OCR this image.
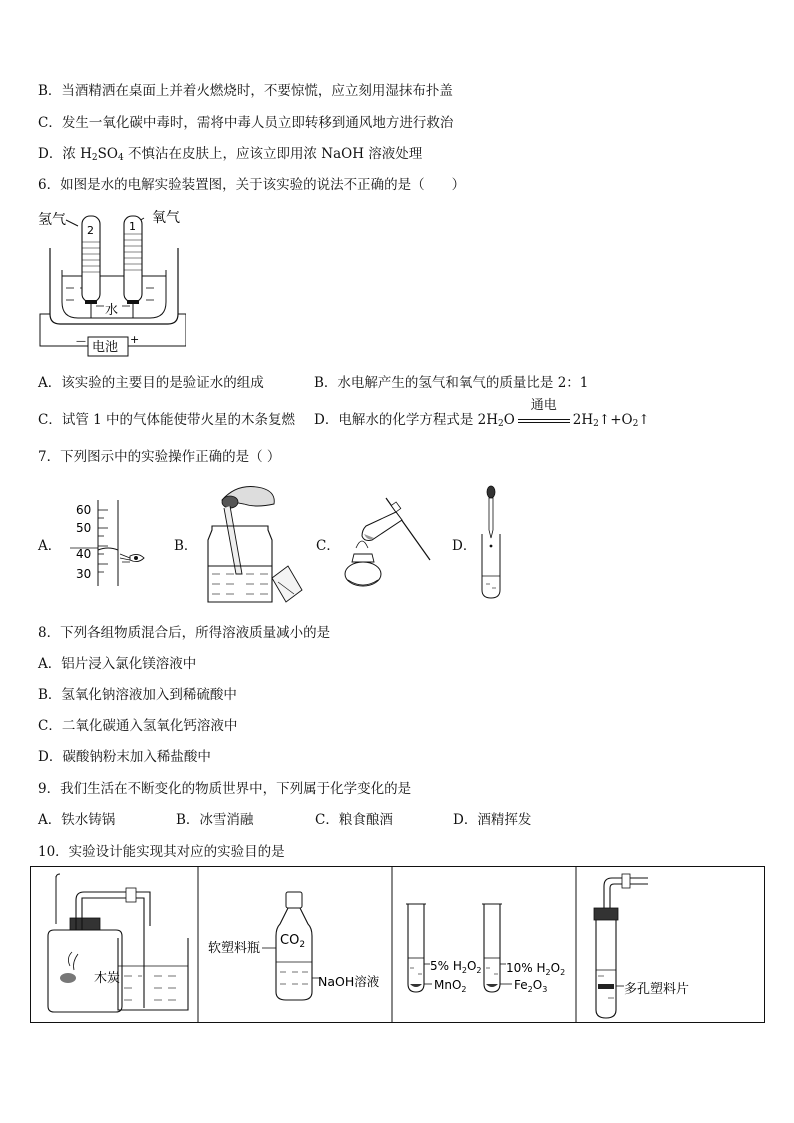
B．当酒精洒在桌面上并着火燃烧时，不要惊慌，应立刻用湿抹布扑盖
C．发生一氧化碳中毒时，需将中毒人员立即转移到通风地方进行救治
D．浓 $H_2SO_4$ 不慎沾在皮肤上，应该立即用浓 NaOH 溶液处理
6．如图是水的电解实验装置图，关于该实验的说法不正确的是（　　）
氢气	氧气
2	1
水
电池
—	+
A．该实验的主要目的是验证水的组成	B．水电解产生的氢气和氧气的质量比是 2：1
C．试管 1 中的气体能使带火星的木条复燃 D．电解水的化学方程式是 $2H_2O$
通电
$2H_2↑+O_2↑$
7．下列图示中的实验操作正确的是（ ）
A．
60
50
40
30
B．	C．	D．
8．下列各组物质混合后，所得溶液质量减小的是
A．铝片浸入氯化镁溶液中
B．氢氧化钠溶液加入到稀硫酸中
C．二氧化碳通入氢氧化钙溶液中
D．碳酸钠粉末加入稀盐酸中
9．我们生活在不断变化的物质世界中，下列属于化学变化的是
A．铁水铸锅	B．冰雪消融	C．粮食酿酒	D．酒精挥发
10．实验设计能实现其对应的实验目的是
木炭
软塑料瓶
$CO_2$
NaOH溶液
5% $H_2O_2$
MnO$_2$
10% $H_2O_2$
$Fe_2O_3$	多孔塑料片
